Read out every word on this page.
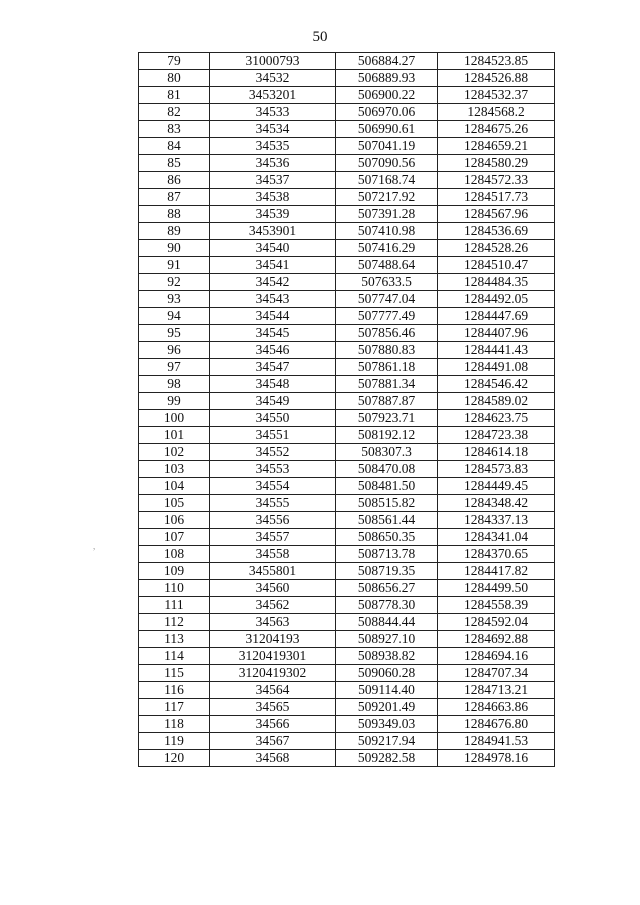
50
,
79	31000793	506884.27	1284523.85
80	34532	506889.93	1284526.88
81	3453201	506900.22	1284532.37
82	34533	506970.06	1284568.2
83	34534	506990.61	1284675.26
84	34535	507041.19	1284659.21
85	34536	507090.56	1284580.29
86	34537	507168.74	1284572.33
87	34538	507217.92	1284517.73
88	34539	507391.28	1284567.96
89	3453901	507410.98	1284536.69
90	34540	507416.29	1284528.26
91	34541	507488.64	1284510.47
92	34542	507633.5	1284484.35
93	34543	507747.04	1284492.05
94	34544	507777.49	1284447.69
95	34545	507856.46	1284407.96
96	34546	507880.83	1284441.43
97	34547	507861.18	1284491.08
98	34548	507881.34	1284546.42
99	34549	507887.87	1284589.02
100	34550	507923.71	1284623.75
101	34551	508192.12	1284723.38
102	34552	508307.3	1284614.18
103	34553	508470.08	1284573.83
104	34554	508481.50	1284449.45
105	34555	508515.82	1284348.42
106	34556	508561.44	1284337.13
107	34557	508650.35	1284341.04
108	34558	508713.78	1284370.65
109	3455801	508719.35	1284417.82
110	34560	508656.27	1284499.50
111	34562	508778.30	1284558.39
112	34563	508844.44	1284592.04
113	31204193	508927.10	1284692.88
114	3120419301	508938.82	1284694.16
115	3120419302	509060.28	1284707.34
116	34564	509114.40	1284713.21
117	34565	509201.49	1284663.86
118	34566	509349.03	1284676.80
119	34567	509217.94	1284941.53
120	34568	509282.58	1284978.16
